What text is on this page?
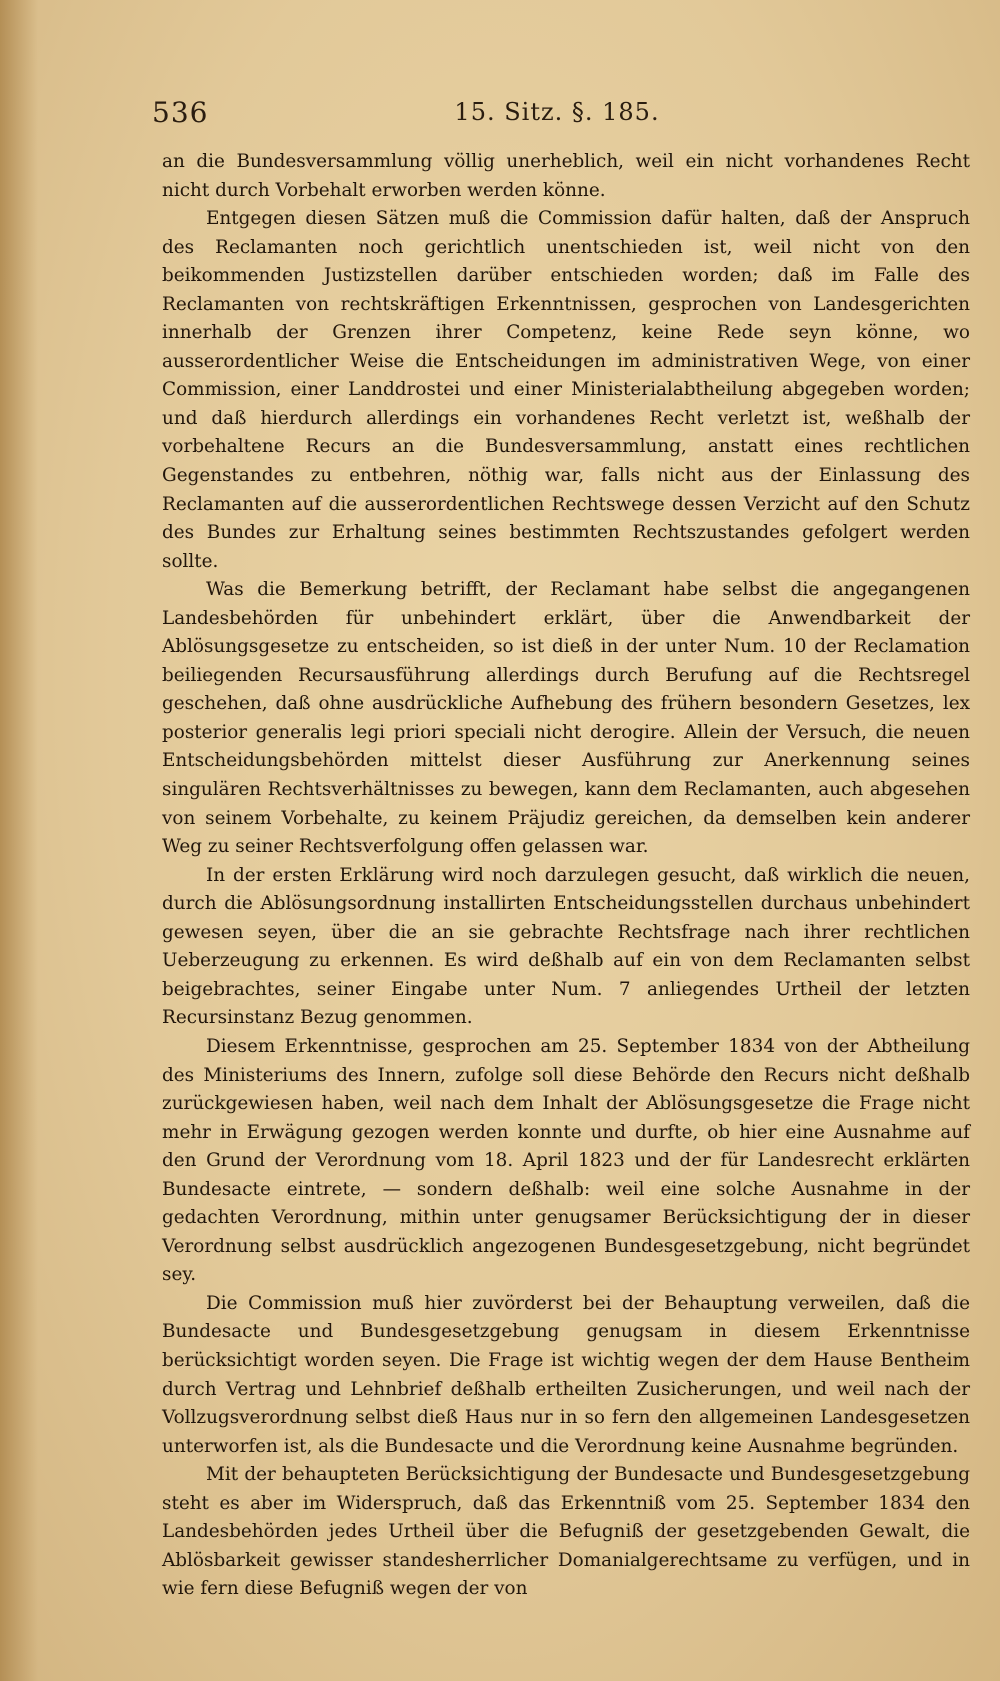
536	15. Sitz. §. 185.

an die Bundesversammlung völlig unerheblich, weil ein nicht vorhandenes Recht nicht durch Vorbehalt erworben werden könne.

Entgegen diesen Sätzen muß die Commission dafür halten, daß der Anspruch des Reclamanten noch gerichtlich unentschieden ist, weil nicht von den beikommenden Justizstellen darüber entschieden worden; daß im Falle des Reclamanten von rechtskräftigen Erkenntnissen, gesprochen von Landesgerichten innerhalb der Grenzen ihrer Competenz, keine Rede seyn könne, wo ausserordentlicher Weise die Entscheidungen im administrativen Wege, von einer Commission, einer Landdrostei und einer Ministerialabtheilung abgegeben worden; und daß hierdurch allerdings ein vorhandenes Recht verletzt ist, weßhalb der vorbehaltene Recurs an die Bundesversammlung, anstatt eines rechtlichen Gegenstandes zu entbehren, nöthig war, falls nicht aus der Einlassung des Reclamanten auf die ausserordentlichen Rechtswege dessen Verzicht auf den Schutz des Bundes zur Erhaltung seines bestimmten Rechtszustandes gefolgert werden sollte.

Was die Bemerkung betrifft, der Reclamant habe selbst die angegangenen Landesbehörden für unbehindert erklärt, über die Anwendbarkeit der Ablösungsgesetze zu entscheiden, so ist dieß in der unter Num. 10 der Reclamation beiliegenden Recursausführung allerdings durch Berufung auf die Rechtsregel geschehen, daß ohne ausdrückliche Aufhebung des frühern besondern Gesetzes, lex posterior generalis legi priori speciali nicht derogire. Allein der Versuch, die neuen Entscheidungsbehörden mittelst dieser Ausführung zur Anerkennung seines singulären Rechtsverhältnisses zu bewegen, kann dem Reclamanten, auch abgesehen von seinem Vorbehalte, zu keinem Präjudiz gereichen, da demselben kein anderer Weg zu seiner Rechtsverfolgung offen gelassen war.

In der ersten Erklärung wird noch darzulegen gesucht, daß wirklich die neuen, durch die Ablösungsordnung installirten Entscheidungsstellen durchaus unbehindert gewesen seyen, über die an sie gebrachte Rechtsfrage nach ihrer rechtlichen Ueberzeugung zu erkennen. Es wird deßhalb auf ein von dem Reclamanten selbst beigebrachtes, seiner Eingabe unter Num. 7 anliegendes Urtheil der letzten Recursinstanz Bezug genommen.

Diesem Erkenntnisse, gesprochen am 25. September 1834 von der Abtheilung des Ministeriums des Innern, zufolge soll diese Behörde den Recurs nicht deßhalb zurückgewiesen haben, weil nach dem Inhalt der Ablösungsgesetze die Frage nicht mehr in Erwägung gezogen werden konnte und durfte, ob hier eine Ausnahme auf den Grund der Verordnung vom 18. April 1823 und der für Landesrecht erklärten Bundesacte eintrete, — sondern deßhalb: weil eine solche Ausnahme in der gedachten Verordnung, mithin unter genugsamer Berücksichtigung der in dieser Verordnung selbst ausdrücklich angezogenen Bundesgesetzgebung, nicht begründet sey.

Die Commission muß hier zuvörderst bei der Behauptung verweilen, daß die Bundesacte und Bundesgesetzgebung genugsam in diesem Erkenntnisse berücksichtigt worden seyen. Die Frage ist wichtig wegen der dem Hause Bentheim durch Vertrag und Lehnbrief deßhalb ertheilten Zusicherungen, und weil nach der Vollzugsverordnung selbst dieß Haus nur in so fern den allgemeinen Landesgesetzen unterworfen ist, als die Bundesacte und die Verordnung keine Ausnahme begründen.

Mit der behaupteten Berücksichtigung der Bundesacte und Bundesgesetzgebung steht es aber im Widerspruch, daß das Erkenntniß vom 25. September 1834 den Landesbehörden jedes Urtheil über die Befugniß der gesetzgebenden Gewalt, die Ablösbarkeit gewisser standesherrlicher Domanialgerechtsame zu verfügen, und in wie fern diese Befugniß wegen der von
